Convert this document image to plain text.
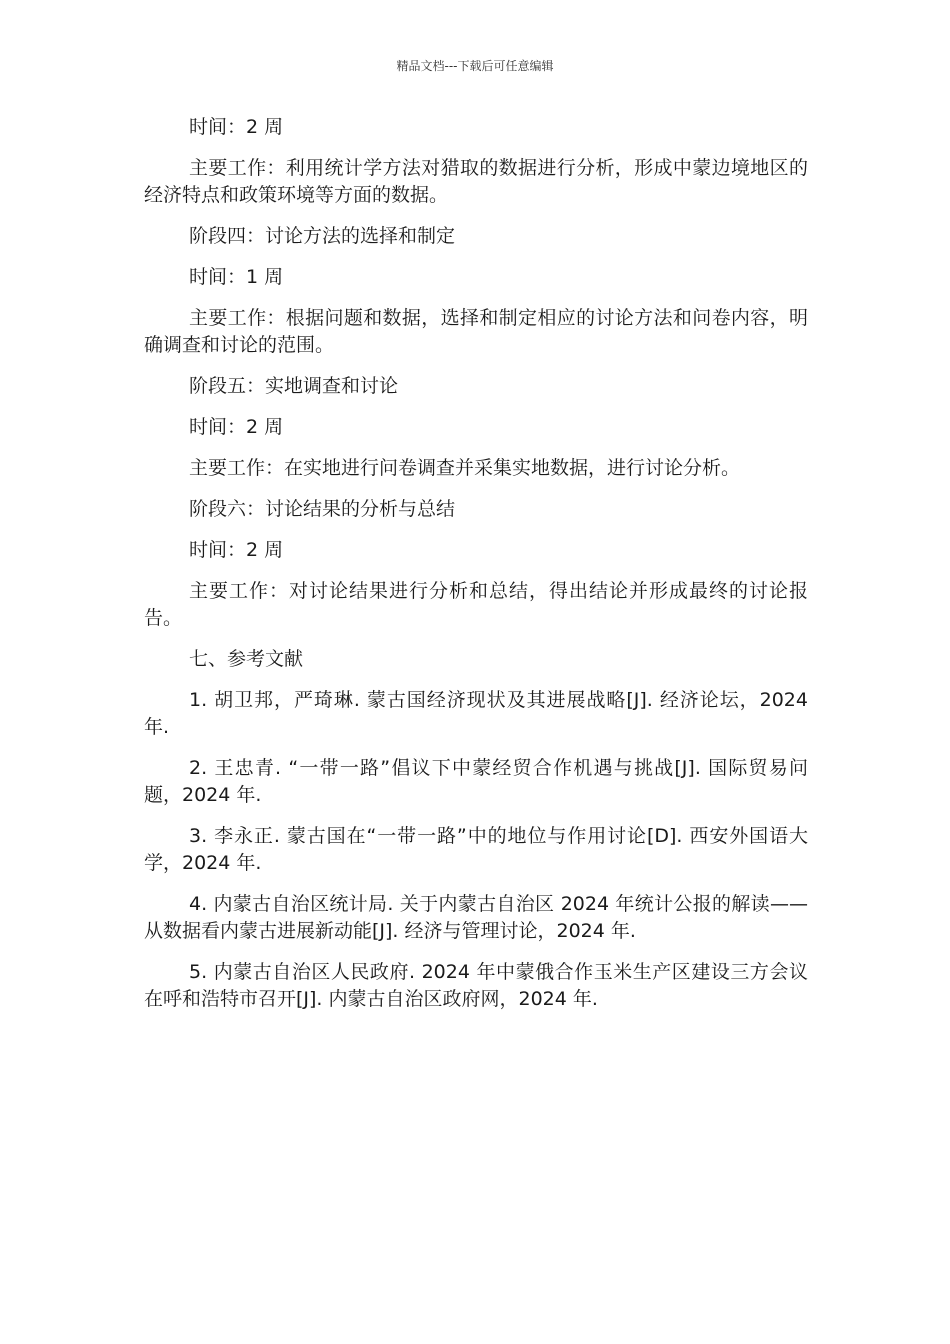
精品文档---下载后可任意编辑

时间：2 周

主要工作：利用统计学方法对猎取的数据进行分析，形成中蒙边境地区的经济特点和政策环境等方面的数据。

阶段四：讨论方法的选择和制定

时间：1 周

主要工作：根据问题和数据，选择和制定相应的讨论方法和问卷内容，明确调查和讨论的范围。

阶段五：实地调查和讨论

时间：2 周

主要工作：在实地进行问卷调查并采集实地数据，进行讨论分析。

阶段六：讨论结果的分析与总结

时间：2 周

主要工作：对讨论结果进行分析和总结，得出结论并形成最终的讨论报告。

七、参考文献

1. 胡卫邦，严琦琳. 蒙古国经济现状及其进展战略[J]. 经济论坛，2024 年.

2. 王忠青. “一带一路”倡议下中蒙经贸合作机遇与挑战[J]. 国际贸易问题，2024 年.

3. 李永正. 蒙古国在“一带一路”中的地位与作用讨论[D]. 西安外国语大学，2024 年.

4. 内蒙古自治区统计局. 关于内蒙古自治区 2024 年统计公报的解读——从数据看内蒙古进展新动能[J]. 经济与管理讨论，2024 年.

5. 内蒙古自治区人民政府. 2024 年中蒙俄合作玉米生产区建设三方会议在呼和浩特市召开[J]. 内蒙古自治区政府网，2024 年.
